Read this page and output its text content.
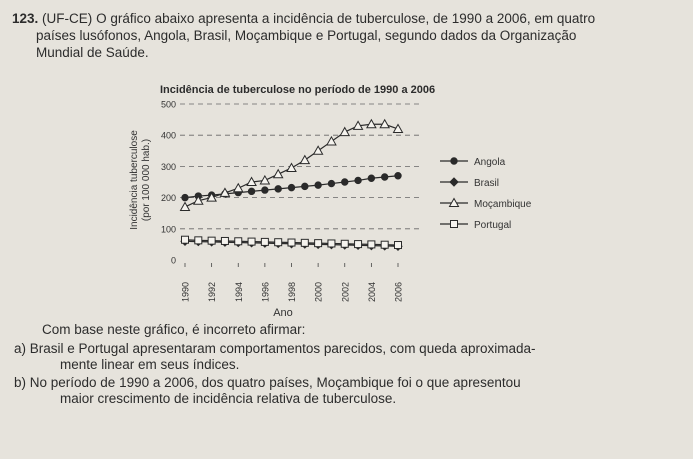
123. (UF-CE) O gráfico abaixo apresenta a incidência de tuberculose, de 1990 a 2006, em quatro
países lusófonos, Angola, Brasil, Moçambique e Portugal, segundo dados da Organização
Mundial de Saúde.
Incidência de tuberculose no período de 1990 a 2006
0
100
200
300
400
500
1990 1992 1994 1996 1998 2000 2002 2004 2006
Angola
Brasil
Moçambique
Portugal
Incidência tuberculose (por 100 000 hab.)
Ano
Com base neste gráfico, é incorreto afirmar:
a) Brasil e Portugal apresentaram comportamentos parecidos, com queda aproximada-
mente linear em seus índices.
b) No período de 1990 a 2006, dos quatro países, Moçambique foi o que apresentou
maior crescimento de incidência relativa de tuberculose.
